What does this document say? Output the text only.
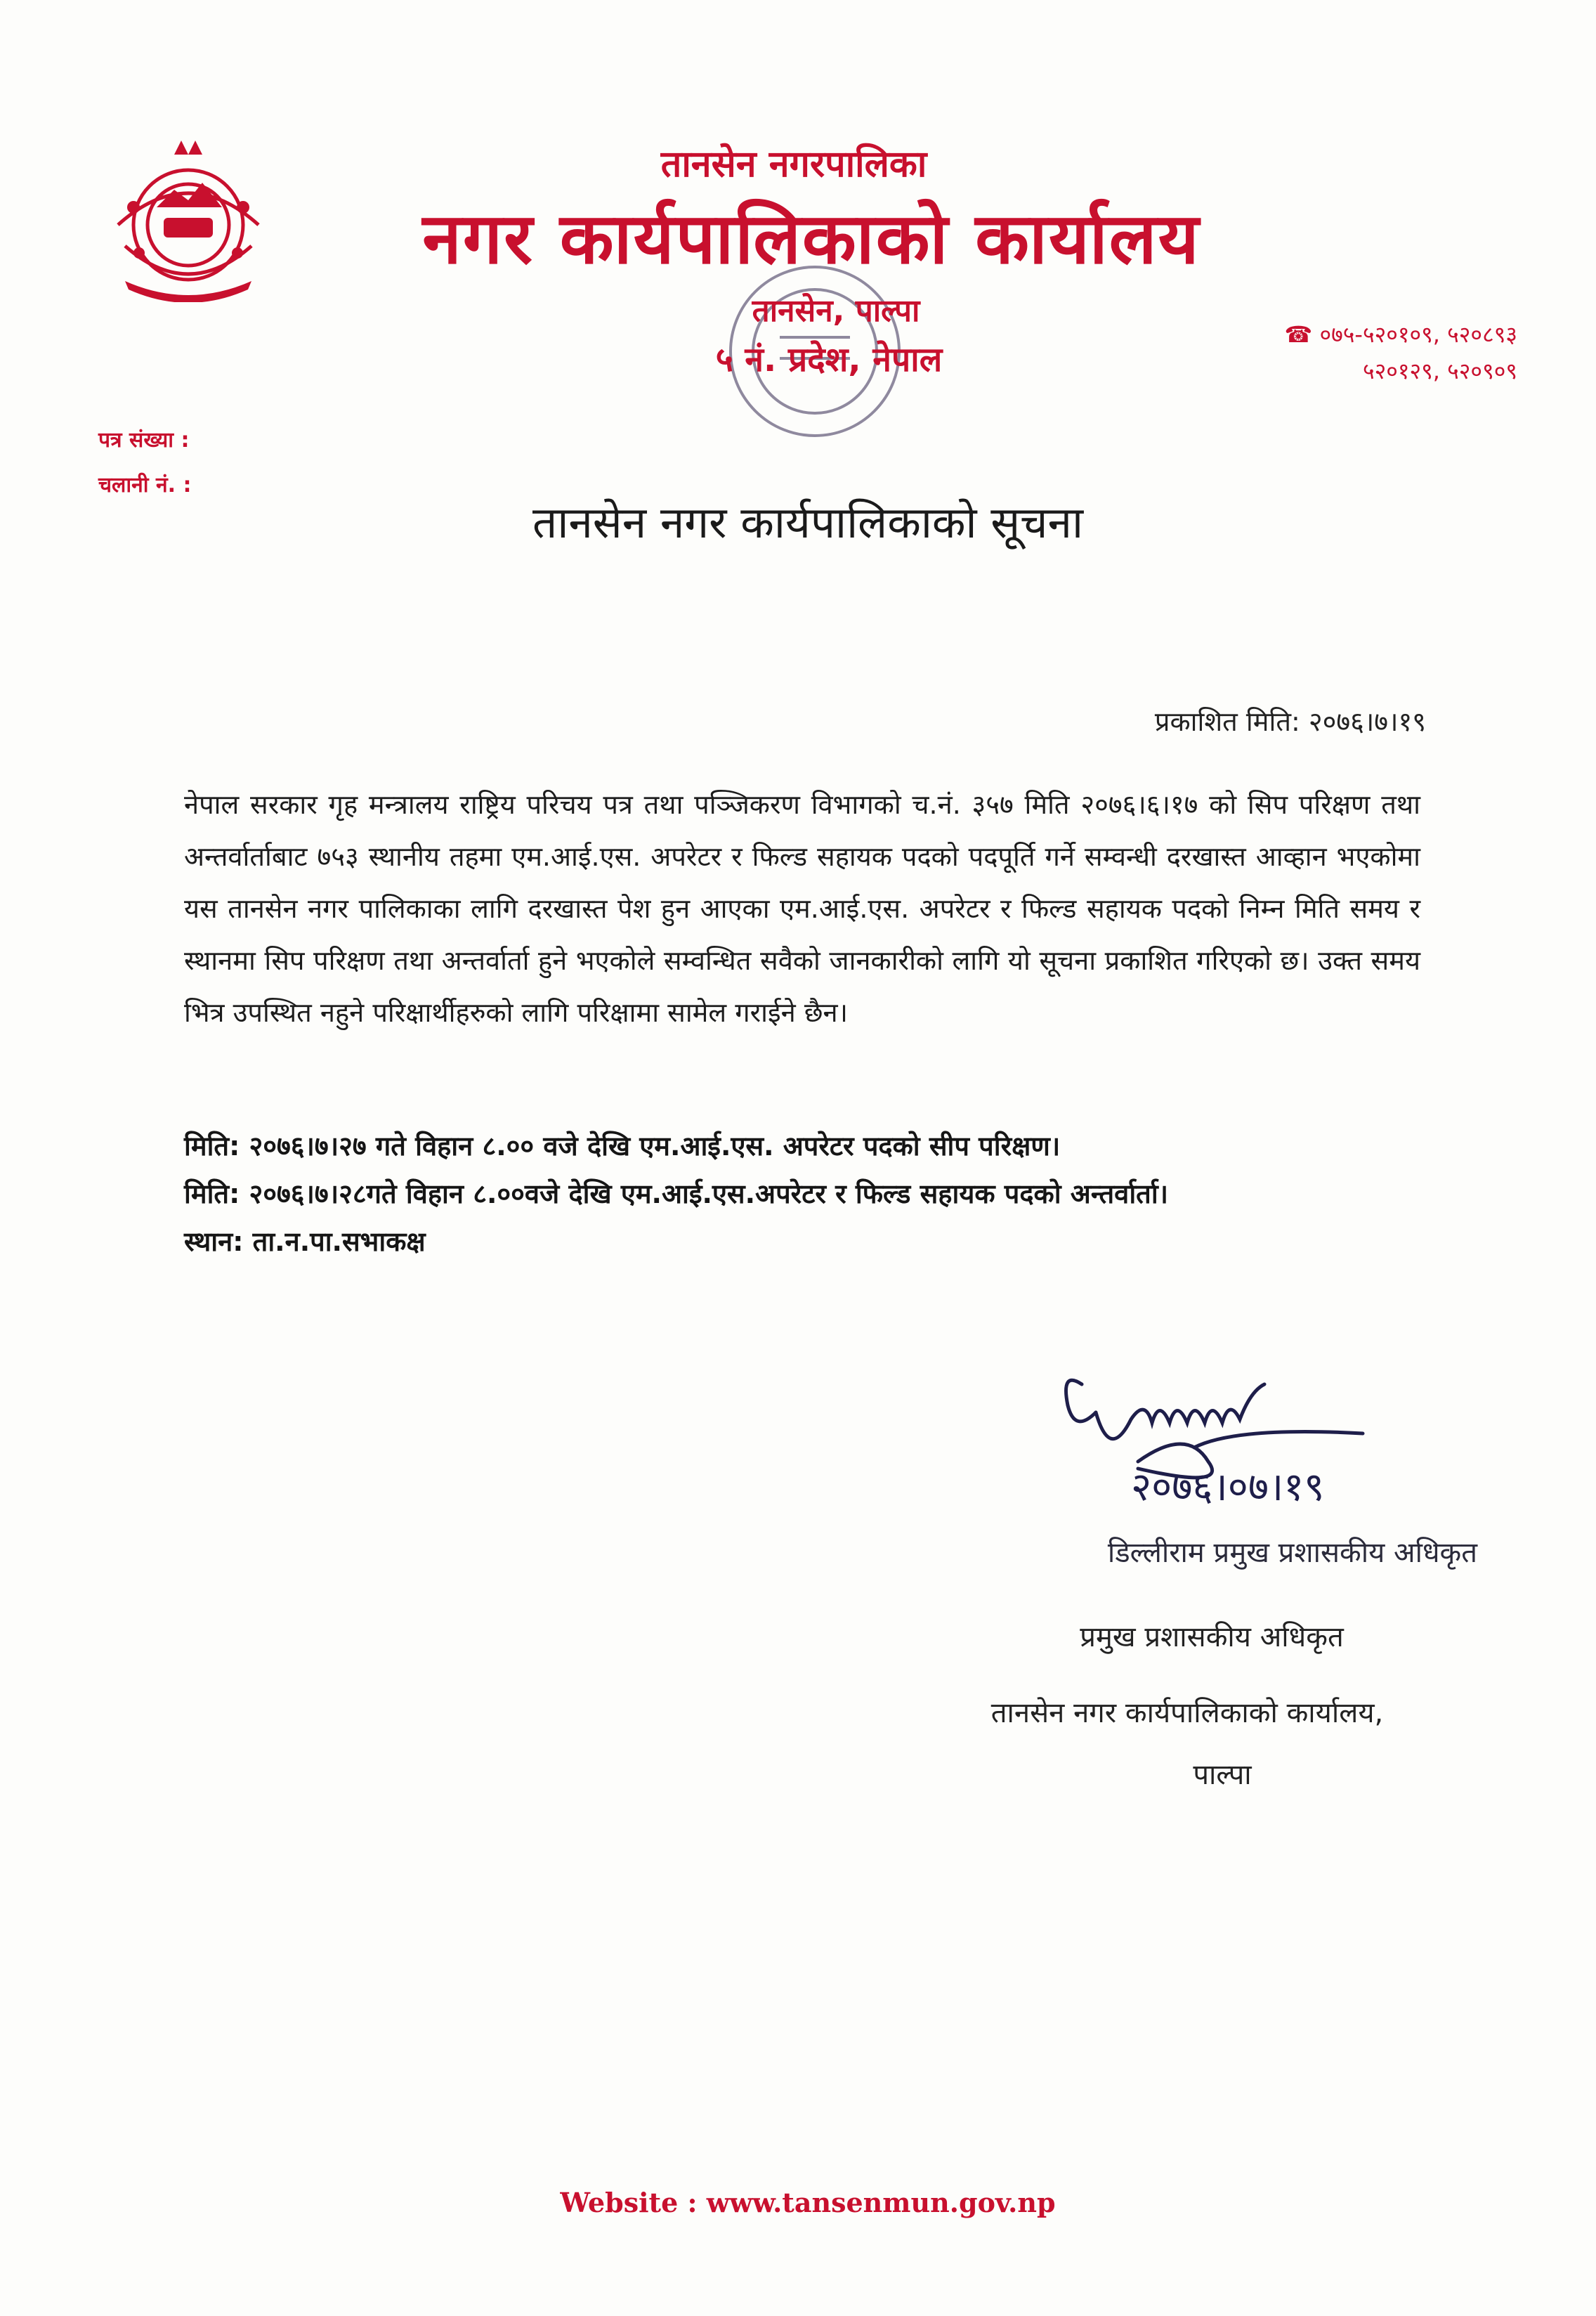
तानसेन नगरपालिका
नगर कार्यपालिकाको कार्यालय
तानसेन, पाल्पा
५ नं. प्रदेश, नेपाल
☎ ०७५-५२०१०९, ५२०८९३
५२०१२९, ५२०९०९
पत्र संख्या :
चलानी नं. :
तानसेन नगर कार्यपालिकाको सूचना
प्रकाशित मिति: २०७६।७।१९
नेपाल सरकार गृह मन्त्रालय राष्ट्रिय परिचय पत्र तथा पञ्जिकरण विभागको च.नं. ३५७ मिति २०७६।६।१७ को सिप परिक्षण तथा अन्तर्वार्ताबाट ७५३ स्थानीय तहमा एम.आई.एस. अपरेटर र फिल्ड सहायक पदको पदपूर्ति गर्ने सम्वन्धी दरखास्त आव्हान भएकोमा यस तानसेन नगर पालिकाका लागि दरखास्त पेश हुन आएका एम.आई.एस. अपरेटर र फिल्ड सहायक पदको निम्न मिति समय र स्थानमा सिप परिक्षण तथा अन्तर्वार्ता हुने भएकोले सम्वन्धित सवैको जानकारीको लागि यो सूचना प्रकाशित गरिएको छ। उक्त समय भित्र उपस्थित नहुने परिक्षार्थीहरुको लागि परिक्षामा सामेल गराईने छैन।
मिति: २०७६।७।२७ गते विहान ८.०० वजे देखि एम.आई.एस. अपरेटर पदको सीप परिक्षण।
मिति: २०७६।७।२८गते विहान ८.००वजे देखि एम.आई.एस.अपरेटर र फिल्ड सहायक पदको अन्तर्वार्ता।
स्थान: ता.न.पा.सभाकक्ष
२०७६।०७।१९
डिल्लीराम प्रमुख प्रशासकीय अधिकृत
प्रमुख प्रशासकीय अधिकृत
तानसेन नगर कार्यपालिकाको कार्यालय,
पाल्पा
Website : www.tansenmun.gov.np
